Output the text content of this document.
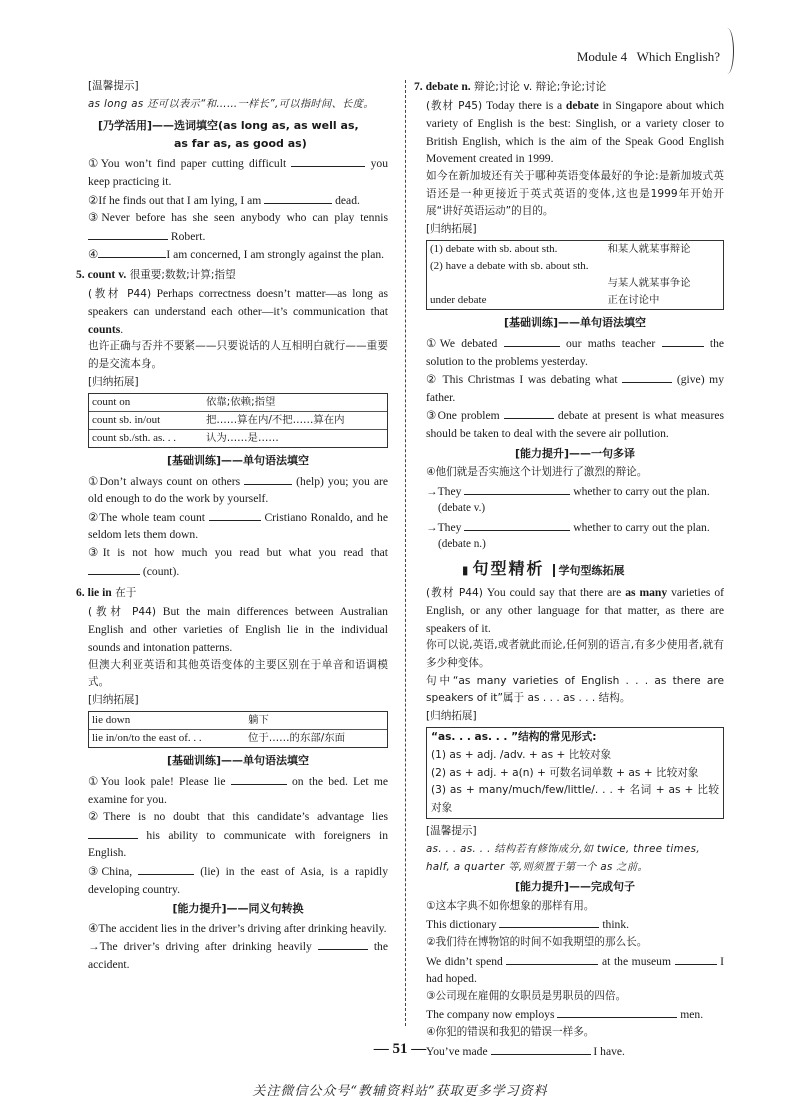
Module 4 Which English?

[温馨提示]

as long as 还可以表示“和……一样长”,可以指时间、长度。

[乃学活用]——选词填空(as long as, as well as,

as far as, as good as)

①You won’t find paper cutting difficult	you keep practicing it.

②If he finds out that I am lying, I am	dead.

③Never before has she seen anybody who can play tennis  Robert.

④	I am concerned, I am strongly against the plan.

5. count v. 很重要;数数;计算;指望

(教材 P44) Perhaps correctness doesn’t matter—as long as speakers can understand each other—it’s communication that counts.

也许正确与否并不要紧——只要说话的人互相明白就行——重要的是交流本身。

[归纳拓展]

count on	依靠;依赖;指望
count sb. in/out	把……算在内/不把……算在内
count sb./sth. as. . .	认为……是……

[基础训练]——单句语法填空

①Don’t always count on others	(help) you; you are old enough to do the work by yourself.

②The whole team count	Cristiano Ronaldo, and he seldom lets them down.

③It is not how much you read but what you read that  (count).

6. lie in 在于

(教材 P44) But the main differences between Australian English and other varieties of English lie in the individual sounds and intonation patterns.

但澳大利亚英语和其他英语变体的主要区别在于单音和语调模式。

[归纳拓展]

lie down	躺下
lie in/on/to the east of. . .	位于……的东部/东面

[基础训练]——单句语法填空

①You look pale! Please lie	on the bed. Let me examine for you.

②There is no doubt that this candidate’s advantage lies  his ability to communicate with foreigners in English.

③China,	(lie) in the east of Asia, is a rapidly developing country.

[能力提升]——同义句转换

④The accident lies in the driver’s driving after drinking heavily.

→The driver’s driving after drinking heavily	the accident.

7. debate n. 辩论;讨论 v. 辩论;争论;讨论

(教材 P45) Today there is a debate in Singapore about which variety of English is the best: Singlish, or a variety closer to British English, which is the aim of the Speak Good English Movement created in 1999.

如今在新加坡还有关于哪种英语变体最好的争论:是新加坡式英语还是一种更接近于英式英语的变体,这也是1999年开始开展“讲好英语运动”的目的。

[归纳拓展]

(1) debate with sb. about sth.	和某人就某事辩论
(2) have a debate with sb. about sth.	
	与某人就某事争论
under debate	正在讨论中

[基础训练]——单句语法填空

①We debated	our maths teacher	the solution to the problems yesterday.

② This Christmas I was debating what	(give) my father.

③One problem	debate at present is what measures should be taken to deal with the severe air pollution.

[能力提升]——一句多译

④他们就是否实施这个计划进行了激烈的辩论。

→They	whether to carry out the plan.

(debate v.)

→They	whether to carry out the plan.

(debate n.)

▮ 句型精析 学句型练拓展

(教材 P44) You could say that there are as many varieties of English, or any other language for that matter, as there are speakers of it.

你可以说,英语,或者就此而论,任何别的语言,有多少使用者,就有多少种变体。

句中“as many varieties of English . . . as there are speakers of it”属于 as . . . as . . . 结构。

[归纳拓展]

“as. . . as. . . ”结构的常见形式:

(1) as + adj. /adv. + as + 比较对象

(2) as + adj. + a(n) + 可数名词单数 + as + 比较对象

(3) as + many/much/few/little/. . . + 名词 + as + 比较对象

[温馨提示]

as. . . as. . . 结构若有修饰成分,如 twice, three times, half, a quarter 等,则须置于第一个 as 之前。

[能力提升]——完成句子

①这本字典不如你想象的那样有用。

This dictionary	think.

②我们待在博物馆的时间不如我期望的那么长。

We didn’t spend	at the museum	I had hoped.

③公司现在雇佣的女职员是男职员的四倍。

The company now employs	men.

④你犯的错误和我犯的错误一样多。

You’ve made	I have.

— 51 —
关注微信公众号“教辅资料站”获取更多学习资料
